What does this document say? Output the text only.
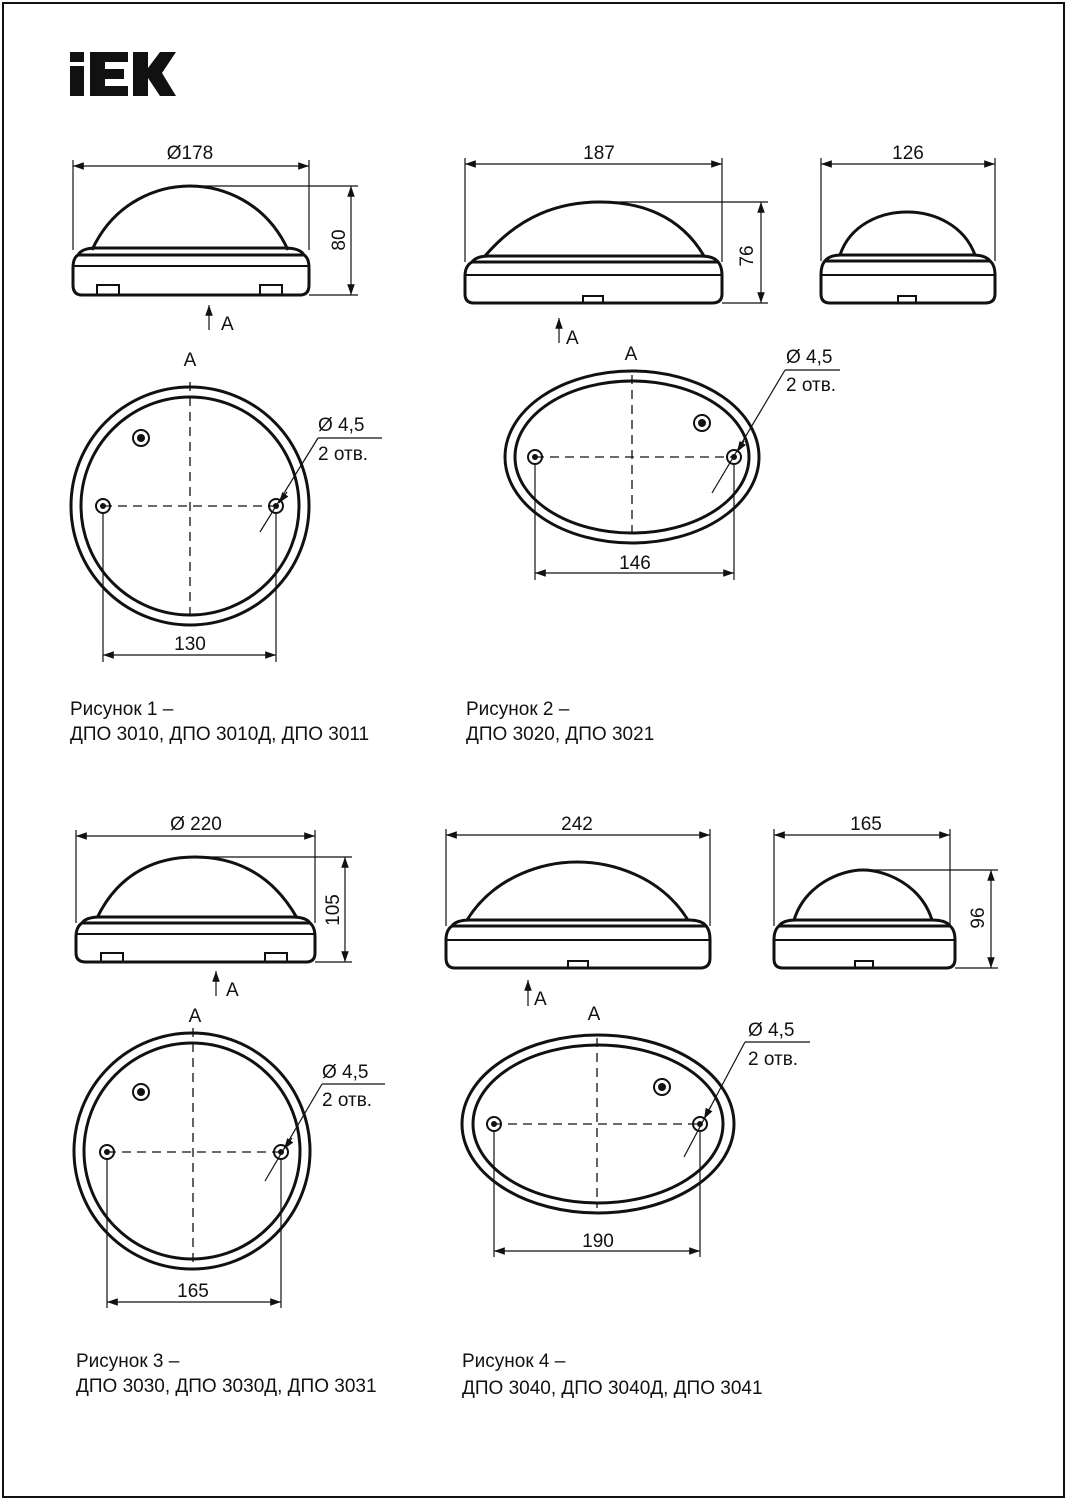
Ø178
80
A
A
Ø 4,5
2 отв.
130
Рисунок 1 –
ДПО 3010, ДПО 3010Д, ДПО 3011
187
76
126
A
A	Ø 4,5
2 отв.
146
Рисунок 2 –
ДПО 3020, ДПО 3021
Ø 220
105
A
A
Ø 4,5
2 отв.
165
Рисунок 3 –
ДПО 3030, ДПО 3030Д, ДПО 3031
242	165
96
A
A
Ø 4,5
2 отв.
190
Рисунок 4 –
ДПО 3040, ДПО 3040Д, ДПО 3041
